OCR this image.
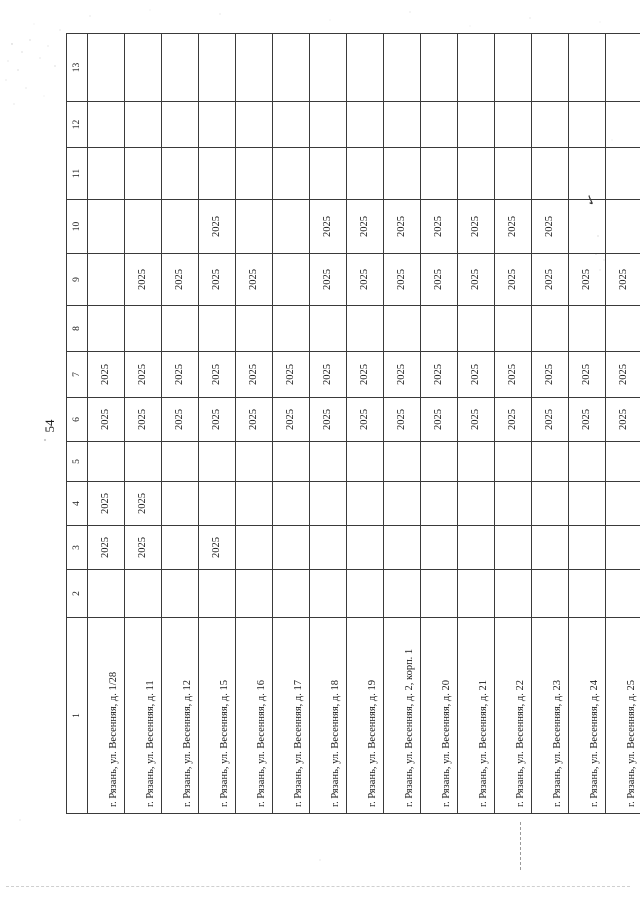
54
✓
1	2	3	4	5	6	7	8	9	10	11	12	13
г. Рязань, ул. Весенняя, д. 1/28		2025	2025		2025	2025						
г. Рязань, ул. Весенняя, д. 11		2025	2025		2025	2025		2025				
г. Рязань, ул. Весенняя, д. 12					2025	2025		2025				
г. Рязань, ул. Весенняя, д. 15		2025			2025	2025		2025	2025			
г. Рязань, ул. Весенняя, д. 16					2025	2025		2025				
г. Рязань, ул. Весенняя, д. 17					2025	2025						
г. Рязань, ул. Весенняя, д. 18					2025	2025		2025	2025			
г. Рязань, ул. Весенняя, д. 19					2025	2025		2025	2025			
г. Рязань, ул. Весенняя, д. 2, корп. 1					2025	2025		2025	2025			
г. Рязань, ул. Весенняя, д. 20					2025	2025		2025	2025			
г. Рязань, ул. Весенняя, д. 21					2025	2025		2025	2025			
г. Рязань, ул. Весенняя, д. 22					2025	2025		2025	2025			
г. Рязань, ул. Весенняя, д. 23					2025	2025		2025	2025			
г. Рязань, ул. Весенняя, д. 24					2025	2025		2025				
г. Рязань, ул. Весенняя, д. 25					2025	2025		2025				
